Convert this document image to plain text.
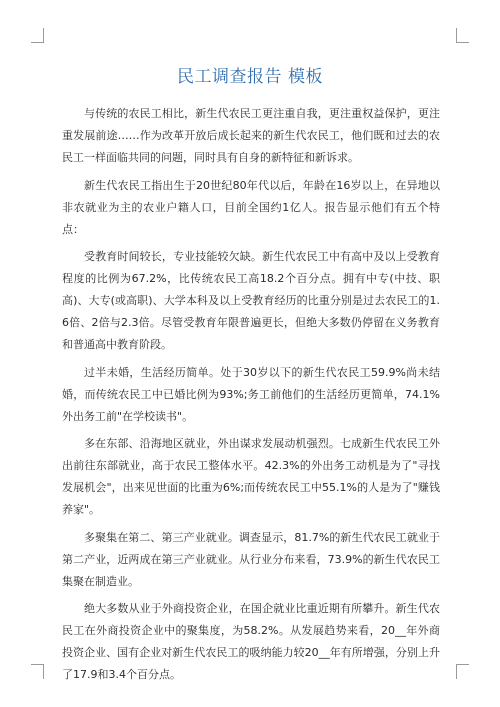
民工调查报告 模板

与传统的农民工相比，新生代农民工更注重自我，更注重权益保护，更注重发展前途……作为改革开放后成长起来的新生代农民工，他们既和过去的农民工一样面临共同的问题，同时具有自身的新特征和新诉求。

新生代农民工指出生于20世纪80年代以后，年龄在16岁以上，在异地以非农就业为主的农业户籍人口，目前全国约1亿人。报告显示他们有五个特点：

受教育时间较长，专业技能较欠缺。新生代农民工中有高中及以上受教育程度的比例为67.2%，比传统农民工高18.2个百分点。拥有中专(中技、职高)、大专(或高职)、大学本科及以上受教育经历的比重分别是过去农民工的1.6倍、2倍与2.3倍。尽管受教育年限普遍更长，但绝大多数仍停留在义务教育和普通高中教育阶段。

过半未婚，生活经历简单。处于30岁以下的新生代农民工59.9%尚未结婚，而传统农民工中已婚比例为93%;务工前他们的生活经历更简单，74.1%外出务工前"在学校读书"。

多在东部、沿海地区就业，外出谋求发展动机强烈。七成新生代农民工外出前往东部就业，高于农民工整体水平。42.3%的外出务工动机是为了"寻找发展机会"，出来见世面的比重为6%;而传统农民工中55.1%的人是为了"赚钱养家"。

多聚集在第二、第三产业就业。调查显示，81.7%的新生代农民工就业于第二产业，近两成在第三产业就业。从行业分布来看，73.9%的新生代农民工集聚在制造业。

绝大多数从业于外商投资企业，在国企就业比重近期有所攀升。新生代农民工在外商投资企业中的聚集度，为58.2%。从发展趋势来看，20__年外商投资企业、国有企业对新生代农民工的吸纳能力较20__年有所增强，分别上升了17.9和3.4个百分点。
